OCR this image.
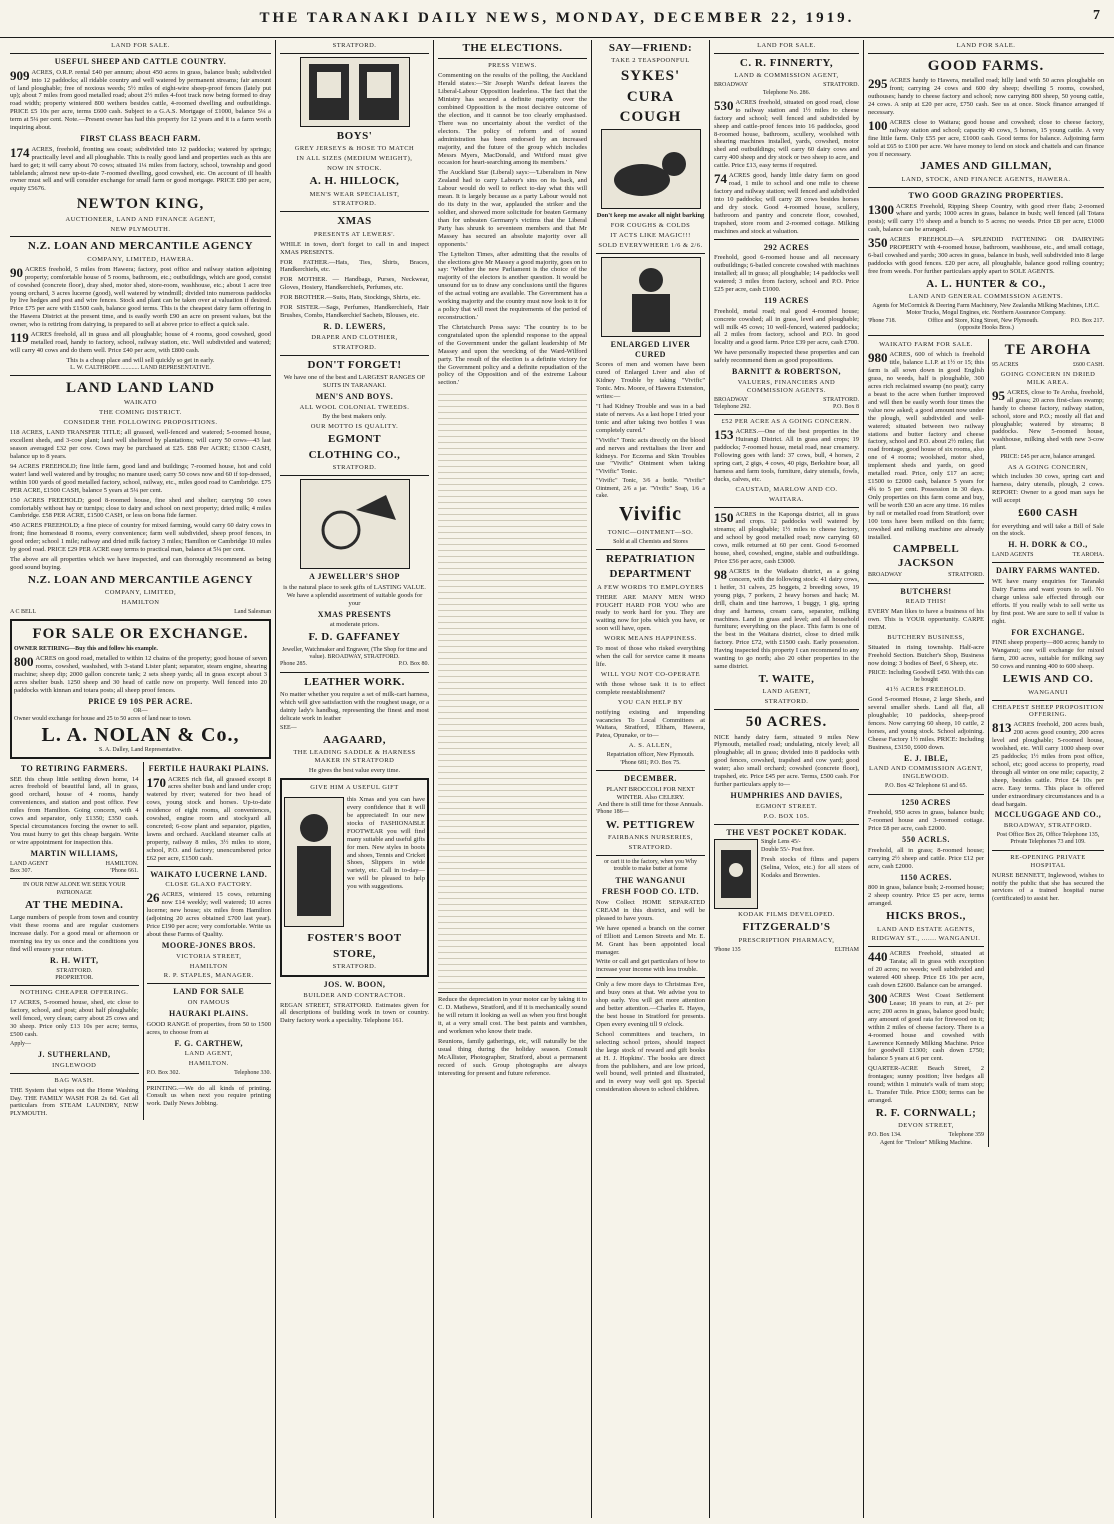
THE TARANAKI DAILY NEWS, MONDAY, DECEMBER 22, 1919.	7
LAND FOR SALE.
USEFUL SHEEP AND CATTLE COUNTRY.
909 ACRES, O.R.P. rental £40 per annum; about 450 acres in grass, balance bush; subdivided into 12 paddocks; all ridable country and well watered by permanent streams; fair amount of land ploughable; free of noxious weeds; 5½ miles of eight-wire sheep-proof fences (lately put up); about 7 miles from good metalled road; about 2½ miles 4-foot track now being formed to dray road width; property wintered 800 wethers besides cattle, 4-roomed dwelling and outbuildings. PRICE £5 10s per acre, terms £600 cash. Subject to a G.A.S. Mortgage of £1000, balance 5¼ a term at 5¼ per cent. Note.—Present owner has had this property for 12 years and it is a farm worth inquiring about.
FIRST CLASS BEACH FARM.
174 ACRES, freehold, fronting sea coast; subdivided into 12 paddocks; watered by springs; practically level and all ploughable. This is really good land and properties such as this are hard to get; it will carry about 70 cows; situated 1¼ miles from factory, school, township and good tablelands; almost new up-to-date 7-roomed dwelling, good cowshed, etc. On account of ill health owner must sell and will consider exchange for small farm or good mortgage. PRICE £80 per acre, equity £5676.
NEWTON KING,
AUCTIONEER, LAND AND FINANCE AGENT,
NEW PLYMOUTH.
N.Z. LOAN AND MERCANTILE AGENCY
COMPANY, LIMITED, HAWERA.
90 ACRES freehold, 5 miles from Hawera; factory, post office and railway station adjoining property; comfortable house of 5 rooms, bathroom, etc.; outbuildings, which are good, consist of cowshed (concrete floor), dray shed, motor shed, store-room, washhouse, etc.; about 1 acre tree young orchard, 3 acres lucerne (good), well watered by windmill; divided into numerous paddocks by live hedges and post and wire fences. Stock and plant can be taken over at valuation if desired. Price £75 per acre with £1500 cash, balance good terms. This is the cheapest dairy farm offering in the Hawera District at the present time, and is easily worth £90 an acre on present values, but the owner, who is retiring from dairying, is prepared to sell at above price to effect a quick sale.
119 ACRES freehold, all in grass and all ploughable; house of 4 rooms, good cowshed, good metalled road, handy to factory, school, railway station, etc. Well subdivided and watered; will carry 40 cows and do them well. Price £40 per acre, with £800 cash.
This is a cheap place and will sell quickly so get in early.
L. W. CALTHROPE ............ LAND REPRESENTATIVE.
LAND LAND LAND
WAIKATO
THE COMING DISTRICT.
CONSIDER THE FOLLOWING PROPOSITIONS.
118 ACRES, LAND TRANSFER TITLE; all grassed, well-fenced and watered; 5-roomed house, excellent sheds, and 3-cow plant; land well sheltered by plantations; will carry 50 cows—43 last season averaged £32 per cow. Cows may be purchased at £25. £88 Per ACRE; £1300 CASH, balance up to 8 years.
94 ACRES FREEHOLD; fine little farm, good land and buildings; 7-roomed house, hot and cold water! land well watered and by troughs; no manure used; carry 50 cows now and 60 if top-dressed, within 100 yards of good metalled factory, school, railway, etc., miles good road to Cambridge. £75 PER ACRE, £1500 CASH, balance 5 years at 5¼ per cent.
150 ACRES FREEHOLD; good 8-roomed house, fine shed and shelter; carrying 50 cows comfortably without hay or turnips; close to dairy and school on next property; dried milk; 4 miles Cambridge. £58 PER ACRE, £1500 CASH, or less on bona fide farmer.
450 ACRES FREEHOLD; a fine piece of country for mixed farming, would carry 60 dairy cows in front; fine homestead 8 rooms, every convenience; farm well subdivided, sheep proof fences, in good order; school 1 mile; railway and dried milk factory 3 miles; Hamilton or Cambridge 10 miles by good road. PRICE £29 PER ACRE easy terms to practical man, balance at 5¼ per cent.
The above are all properties which we have inspected, and can thoroughly recommend as being good sound buying.
N.Z. LOAN AND MERCANTILE AGENCY
COMPANY, LIMITED,
HAMILTON
A C BELL	Land Salesman
FOR SALE OR EXCHANGE.
OWNER RETIRING—Buy this and follow his example.
800 ACRES on good road, metalled to within 12 chains of the property; good house of seven rooms, cowshed, washshed, with 3-stand Lister plant; separator, steam engine, shearing machine; sheep dip; 2000 gallon concrete tank; 2 sets sheep yards; all in grass except about 3 acres shelter bush. 1250 sheep and 30 head of cattle now on property. Well fenced into 20 paddocks with kinnan and totara posts; all sheep proof fences.
PRICE £9 10S PER ACRE.
OR—
Owner would exchange for house and 25 to 50 acres of land near to town.
L. A. NOLAN & Co.,
S. A. Dalley, Land Representative.
TO RETIRING FARMERS.
SEE this cheap little settling down home, 14 acres freehold of beautiful land, all in grass, good orchard, house of 4 rooms, handy conveniences, and station and post office. Few miles from Hamilton. Going concern, with 4 cows and separator, only £1350; £350 cash. Special circumstances forcing the owner to sell. You must hurry to get this cheap bargain. Write or wire appointment for inspection this.
MARTIN WILLIAMS,
LAND AGENT	HAMILTON.
Box 307.	'Phone 661.
IN OUR NEW ALONE WE SEEK YOUR PATRONAGE
AT THE MEDINA.
Large numbers of people from town and country visit these rooms and are regular customers increase daily. For a good meal or afternoon or morning tea try us once and the conditions you find will ensure your return.
R. H. WITT,
STRATFORD.
PROPRIETOR.
NOTHING CHEAPER OFFERING.
17 ACRES, 5-roomed house, shed, etc close to factory, school, and post; about half ploughable; well fenced, very clean; carry about 25 cows and 30 sheep. Price only £13 10s per acre; terms, £500 cash.
Apply—
J. SUTHERLAND,
INGLEWOOD
BAG WASH.
THE System that wipes out the Home Washing Day. THE FAMILY WASH FOR 2s 6d. Get all particulars from STEAM LAUNDRY, NEW PLYMOUTH.
FERTILE HAURAKI PLAINS.
170 ACRES rich flat, all grassed except 8 acres shelter bush and land under crop; watered by river; watered for two head of cows, young stock and horses. Up-to-date residence of eight rooms, all conveniences, cowshed, engine room and stockyard all concreted; 6-cow plant and separator, pigsties, lawns and orchard. Auckland steamer calls at property, railway 8 miles, 3½ miles to store, school, P.O. and factory; unencumbered price £62 per acre, £1500 cash.
WAIKATO LUCERNE LAND.
CLOSE GLAXO FACTORY.
26 ACRES, wintered 15 cows, returning now £14 weekly; well watered; 10 acres lucerne; new house; six miles from Hamilton (adjoining 20 acres obtained £700 last year). Price £190 per acre; very comfortable. Write us about these Farms of Quality.
MOORE-JONES BROS.
VICTORIA STREET,
HAMILTON
R. P. STAPLES, MANAGER.
LAND FOR SALE
ON FAMOUS
HAURAKI PLAINS.
GOOD RANGE of properties, from 50 to 1500 acres, to choose from at
F. G. CARTHEW,
LAND AGENT,
HAMILTON.
P.O. Box 302.	Telephone 330.
PRINTING.—We do all kinds of printing. Consult us when next you require printing work. Daily News Jobbing.
STRATFORD.
BOYS'
GREY JERSEYS & HOSE TO MATCH
IN ALL SIZES (MEDIUM WEIGHT),
NOW IN STOCK.
A. H. HILLOCK,
MEN'S WEAR SPECIALIST,
STRATFORD.
XMAS
PRESENTS AT LEWERS'.
WHILE in town, don't forget to call in and inspect XMAS PRESENTS.
FOR FATHER.—Hats, Ties, Shirts, Braces, Handkerchiefs, etc.
FOR MOTHER. — Handbags, Purses, Neckwear, Gloves, Hosiery, Handkerchiefs, Perfumes, etc.
FOR BROTHER.—Suits, Hats, Stockings, Shirts, etc.
FOR SISTER.—Sags, Perfumes, Handkerchiefs, Hair Brushes, Combs, Handkerchief Sachets, Blouses, etc.
R. D. LEWERS,
DRAPER AND CLOTHIER,
STRATFORD.
DON'T FORGET!
We have one of the best and LARGEST RANGES OF SUITS IN TARANAKI.
MEN'S AND BOYS.
ALL WOOL COLONIAL TWEEDS.
By the best makers only.
OUR MOTTO IS QUALITY.
EGMONT
CLOTHING CO.,
STRATFORD.
A JEWELLER'S SHOP
is the natural place to seek gifts of LASTING VALUE. We have a splendid assortment of suitable goods for your
XMAS PRESENTS
at moderate prices.
F. D. GAFFANEY
Jeweller, Watchmaker and Engraver, (The Shop for time and value). BROADWAY, STRATFORD.
Phone 285.	P.O. Box 80.
LEATHER WORK.
No matter whether you require a set of milk-cart harness, which will give satisfaction with the roughest usage, or a dainty lady's handbag, representing the finest and most delicate work in leather
SEE—
AAGAARD,
THE LEADING SADDLE & HARNESS MAKER IN STRATFORD
He gives the best value every time.
GIVE HIM A USEFUL GIFT
this Xmas and you can have every confidence that it will be appreciated! In our new stocks of FASHIONABLE FOOTWEAR you will find many suitable and useful gifts for men. New styles in boots and shoes, Tennis and Cricket Shoes, Slippers in wide variety, etc. Call in to-day—we will be pleased to help you with suggestions.
FOSTER'S BOOT
STORE,
STRATFORD.
JOS. W. BOON,
BUILDER AND CONTRACTOR.
REGAN STREET, STRATFORD. Estimates given for all descriptions of building work in town or country. Dairy factory work a speciality. Telephone 161.
THE ELECTIONS.
PRESS VIEWS.
Commenting on the results of the polling, the Auckland Herald states:—'Sir Joseph Ward's defeat leaves the Liberal-Labour Opposition leaderless. The fact that the Ministry has secured a definite majority over the combined Opposition is the most decisive outcome of the election, and it cannot be too clearly emphasised. There was no uncertainty about the verdict of the electors. The policy of reform and of sound administration has been endorsed by an increased majority, and the future of the group which includes Messrs Myers, MacDonald, and Witford must give occasion for heart-searching among its members.'
The Auckland Star (Liberal) says:—'Liberalism in New Zealand had to carry Labour's sins on its back, and Labour would do well to reflect to-day what this will mean. It is largely because as a party Labour would not do its duty in the war, applauded the striker and the soldier, and showed more solicitude for beaten Germany than for unbeaten Germany's victims that the Liberal Party has shrunk to seventeen members and that Mr Massey has secured an absolute majority over all opponents.'
The Lyttelton Times, after admitting that the results of the elections give Mr Massey a good majority, goes on to say: 'Whether the new Parliament is the choice of the majority of the electors is another question. It would be unsound for us to draw any conclusions until the figures of the actual voting are available. The Government has a working majority and the country must now look to it for a policy that will meet the requirements of the period of reconstruction.'
The Christchurch Press says: 'The country is to be congratulated upon the splendid response to the appeal of the Government under the gallant leadership of Mr Massey and upon the wrecking of the Ward-Wilford party. The result of the election is a definite victory for the Government policy and a definite repudiation of the policy of the Opposition and of the extreme Labour section.'
Reduce the depreciation in your motor car by taking it to C. D. Mathews, Stratford, and if it is mechanically sound he will return it looking as well as when you first bought it, at a very small cost. The best paints and varnishes, and workmen who know their trade.
Reunions, family gatherings, etc, will naturally be the usual thing during the holiday season. Consult McAllister, Photographer, Stratford, about a permanent record of such. Group photographs are always interesting for present and future reference.
SAY—FRIEND:
TAKE 2 TEASPOONFUL
SYKES'
CURA
COUGH
Don't keep me awake all night barking
FOR COUGHS & COLDS
IT ACTS LIKE MAGIC!!!
SOLD EVERYWHERE 1/6 & 2/6.
ENLARGED LIVER CURED
Scores of men and women have been cured of Enlarged Liver and also of Kidney Trouble by taking "Vivific" Tonic. Mrs. Moore, of Hawera Extension, writes:—
"I had Kidney Trouble and was in a bad state of nerves. As a last hope I tried your tonic and after taking two bottles I was completely cured."
"Vivific" Tonic acts directly on the blood and nerves and revitalises the liver and kidneys. For Eczema and Skin Troubles use "Vivific" Ointment when taking "Vivific" Tonic.
"Vivific" Tonic, 3/6 a bottle. "Vivific" Ointment, 2/6 a jar. "Vivific" Soap, 1/6 a cake.
Vivific
TONIC—OINTMENT—SO.
Sold at all Chemists and Stores
REPATRIATION
DEPARTMENT
A FEW WORDS TO EMPLOYERS
THERE ARE MANY MEN WHO FOUGHT HARD FOR YOU who are ready to work hard for you. They are waiting now for jobs which you have, or soon will have, open.
WORK MEANS HAPPINESS.
To most of those who risked everything when the call for service came it means life.
WILL YOU NOT CO-OPERATE
with those whose task it is to effect complete reestablishment?
YOU CAN HELP BY
notifying existing and impending vacancies To Local Committees at Waitara, Stratford, Eltham, Hawera, Patea, Opunake, or to—
A. S. ALLEN,
Repatriation officer, New Plymouth.
'Phone 681; P.O. Box 75.
DECEMBER.
PLANT BROCCOLI FOR NEXT WINTER. Also CELERY.
And there is still time for those Annuals.
'Phone 186—
W. PETTIGREW
FAIRBANKS NURSERIES,
STRATFORD.
or cart it to the factory, when you Why trouble to make butter at home
THE WANGANUI
FRESH FOOD CO. LTD.
Now Collect HOME SEPARATED CREAM in this district, and will be pleased to have yours.
We have opened a branch on the corner of Elliott and Lemon Streets and Mr. E. M. Grant has been appointed local manager.
Write or call and get particulars of how to increase your income with less trouble.
Only a few more days to Christmas Eve, and busy ones at that. We advise you to shop early. You will get more attention and better attention.—Charles E. Hayes, the best house in Stratford for presents. Open every evening till 9 o'clock.
School committees and teachers, in selecting school prizes, should inspect the large stock of reward and gift books at H. J. Hopkins'. The books are direct from the publishers, and are low priced, well bound, well printed and illustrated, and in every way well got up. Special consideration shown to school children.
LAND FOR SALE.
C. R. FINNERTY,
LAND & COMMISSION AGENT,
BROADWAY	STRATFORD.
Telephone No. 286.
530 ACRES freehold, situated on good road, close to railway station and 1½ miles to cheese factory and school; well fenced and subdivided by sheep and cattle-proof fences into 16 paddocks, good 8-roomed house, bathroom, scullery, woolshed with shearing machines installed, yards, cowshed, motor shed and outbuildings; will carry 60 dairy cows and carry 400 sheep and dry stock or two sheep to acre, and cattle. Price £13, easy terms if required.
74 ACRES good, handy little dairy farm on good road, 1 mile to school and one mile to cheese factory and railway station; well fenced and subdivided into 10 paddocks; will carry 28 cows besides horses and dry stock. Good 4-roomed house, scullery, bathroom and pantry and concrete floor, cowshed, trapshed, store room and 2-roomed cottage. Milking machines and stock at valuation.
292 ACRES
Freehold, good 6-roomed house and all necessary outbuildings; 6-bailed concrete cowshed with machines installed; all in grass; all ploughable; 14 paddocks well watered; 3 miles from factory, school and P.O. Price £25 per acre, cash £1000.
119 ACRES
Freehold, metal road; real good 4-roomed house; concrete cowshed; all in grass, level and ploughable; will milk 45 cows; 10 well-fenced, watered paddocks; all 2 miles from factory, school and P.O. In good locality and a good farm. Price £39 per acre, cash £700.
We have personally inspected these properties and can safely recommend them as good propositions.
BARNITT & ROBERTSON,
VALUERS, FINANCIERS AND COMMISSION AGENTS.
BROADWAY	STRATFORD.
Telephone 292.	P.O. Box 8
£52 PER ACRE AS A GOING CONCERN.
153 ACRES.—One of the best properties in the Huirangi District. All in grass and crops; 19 paddocks; 7-roomed house, metal road, near creamery. Following goes with land: 37 cows, bull, 4 horses, 2 spring cart, 2 gigs, 4 cows, 40 pigs, Berkshire boar, all harness and farm tools, furniture, dairy utensils, fowls, ducks, calves, etc.
CAUSTAD, MARLOW AND CO.
WAITARA.
150 ACRES in the Kaponga district, all in grass and crops. 12 paddocks well watered by streams; all ploughable; 1½ miles to cheese factory, and school by good metalled road; now carrying 60 cows, milk returned at 60 per cent. Good 6-roomed house, shed, cowshed, engine, stable and outbuildings. Price £56 per acre, cash £3000.
98 ACRES in the Waikato district, as a going concern, with the following stock: 41 dairy cows, 1 heifer, 31 calves, 25 hoggets, 2 breeding sows, 19 young pigs, 7 porkers, 2 heavy horses and hack; M. drill, chain and tine harrows, 1 buggy, 1 gig, spring dray and harness, cream cans, separator, milking machines. Land in grass and level; and all household furniture; everything on the place. This farm is one of the best in the Waitara district, close to dried milk factory. Price £72, with £1500 cash. Early possession. Having inspected this property I can recommend to any wanting to go north; also 20 other properties in the same district.
T. WAITE,
LAND AGENT,
STRATFORD.
50 ACRES.
NICE handy dairy farm, situated 9 miles New Plymouth, metalled road; undulating, nicely level; all ploughable; all in grass; divided into 8 paddocks with good fences, cowshed, trapshed and cow yard; good water; also small orchard; cowshed (concrete floor), trapshed, etc. Price £45 per acre. Terms, £500 cash. For further particulars apply to—
HUMPHRIES AND DAVIES,
EGMONT STREET.
P.O. BOX 105.
THE VEST POCKET KODAK.
Single Lens 45/-
Double 55/- Post free.
Fresh stocks of films and papers (Selina, Velox, etc.) for all sizes of Kodaks and Brownies.
KODAK FILMS DEVELOPED.
FITZGERALD'S
PRESCRIPTION PHARMACY,
'Phone 135	ELTHAM
LAND FOR SALE.
GOOD FARMS.
295 ACRES handy to Hawera, metalled road; hilly land with 50 acres ploughable on front; carrying 24 cows and 600 dry sheep; dwelling 5 rooms, cowshed, outhouses; handy to cheese factory and school; now carrying 800 sheep, 50 young cattle, 24 cows. A snip at £20 per acre, £750 cash. See us at once. Stock finance arranged if necessary.
100 ACRES close to Waitara; good house and cowshed; close to cheese factory, railway station and school; capacity 40 cows, 5 horses, 15 young cattle. A very fine little farm. Only £55 per acre, £1000 cash. Good terms for balance. Adjoining farm sold at £65 to £100 per acre. We have money to lend on stock and chattels and can finance you if necessary.
JAMES AND GILLMAN,
LAND, STOCK, AND FINANCE AGENTS, HAWERA.
TWO GOOD GRAZING PROPERTIES.
1300 ACRES Freehold, Ripping Sheep Country, with good river flats; 2-roomed whare and yards; 1000 acres in grass, balance in bush; well fenced (all Totara posts); will carry 1½ sheep and a bunch to 5 acres; no weeds. Price £8 per acre, £1000 cash, balance can be arranged.
350 ACRES FREEHOLD—A SPLENDID FATTENING OR DAIRYING PROPERTY with 4-roomed house, bathroom, washhouse, etc., and small cottage, 6-bail cowshed and yards; 300 acres in grass, balance in bush, well subdivided into 8 large paddocks with good fences. £20 per acre, all ploughable, balance good rolling country; free from weeds. For further particulars apply apart to SOLE AGENTS.
A. L. HUNTER & CO.,
LAND AND GENERAL COMMISSION AGENTS.
Agents for McCormick & Deering Farm Machinery, New Zealandia Milking Machines, I.H.C. Motor Trucks, Mogul Engines, etc. Northern Assurance Company.
'Phone 718.	Office and Store, King Street, New Plymouth.	P.O. Box 217.
(opposite Hooks Bros.)
WAIKATO FARM FOR SALE.
980 ACRES, 600 of which is freehold title, balance L.I.P. at 1½ or 15; this farm is all sown down in good English grass, no weeds, half is ploughable, 300 acres rich reclaimed swamp (no peat); carry a beast to the acre when further improved and will then be easily worth four times the value now asked; a good amount now under the plough, well subdivided and well-watered; situated between two railway stations and butter factory and cheese factory, school and P.O. about 2½ miles; flat road frontage, good house of six rooms, also one of 4 rooms; woolshed, motor shed, implement sheds and yards, on good metalled road. Price, only £17 an acre; £1500 to £2000 cash, balance 5 years for 4¾ to 5 per cent. Possession in 30 days. Only properties on this farm come and buy, will be worth £30 an acre any time. 16 miles by rail or metalled road from Stratford; over 100 tons have been milked on this farm; cowshed and milking machine are already installed.
CAMPBELL JACKSON
BROADWAY	STRATFORD.
BUTCHERS!
READ THIS!
EVERY Man likes to have a business of his own. This is YOUR opportunity. CARPE DIEM.
BUTCHERY BUSINESS,
Situated in rising township. Half-acre Freehold Section. Butcher's Shop, Business now doing: 3 bodies of Beef, 6 Sheep, etc.
PRICE: Including Goodwill £450. With this can be bought
41½ ACRES FREEHOLD.
Good 5-roomed House, 2 large Sheds, and several smaller sheds. Land all flat, all ploughable; 10 paddocks, sheep-proof fences. Now carrying 60 sheep, 10 cattle, 2 horses, and young stock. School adjoining. Cheese Factory 1½ miles. PRICE: Including Business, £3150, £600 down.
E. J. IBLE,
LAND AND COMMISSION AGENT, INGLEWOOD.
P.O. Box 42 Telephone 61 and 65.
1250 ACRES
Freehold, 950 acres in grass, balance bush; 7-roomed house and 3-roomed cottage. Price £8 per acre, cash £2000.
550 ACRLS.
Freehold, all in grass; 8-roomed house; carrying 2½ sheep and cattle. Price £12 per acre, cash £2000.
1150 ACRES.
800 in grass, balance bush; 2-roomed house; 2 sheep country. Price £5 per acre, terms arranged.
HICKS BROS.,
LAND AND ESTATE AGENTS,
RIDGWAY ST., ....... WANGANUI.
440 ACRES Freehold, situated at Tarata; all in grass with exception of 20 acres; no weeds; well subdivided and watered 400 sheep. Price £6 10s per acre, cash down £2600. Balance can be arranged.
300 ACRES West Coast Settlement Lease; 18 years to run, at 2/- per acre; 200 acres in grass, balance good bush; any amount of good rata for firewood on it; within 2 miles of cheese factory. There is a 4-roomed house and cowshed with Lawrence Kennedy Milking Machine. Price for goodwill £1300; cash down £750; balance 5 years at 6 per cent.
QUARTER-ACRE Beach Street, 2 frontages; sunny position; live hedges all round; within 1 minute's walk of tram stop; L. Transfer Title. Price £300; terms can be arranged.
R. F. CORNWALL;
DEVON STREET,
P.O. Box 134.	Telephone 359
Agent for "Trelour" Milking Machine.
TE AROHA
95 ACRES	£600 CASH.
GOING CONCERN IN DRIED MILK AREA.
95 ACRES, close to Te Aroha, freehold, all grass; 20 acres first-class swamp; handy to cheese factory, railway station, school, store and P.O.; mostly all flat and ploughable; watered by streams; 8 paddocks. New 5-roomed house, washhouse, milking shed with new 3-cow plant.
PRICE: £45 per acre, balance arranged.
AS A GOING CONCERN,
which includes 30 cows, spring cart and harness, dairy utensils, plough, 2 cows. REPORT: Owner to a good man says he will accept
£600 CASH
for everything and will take a Bill of Sale on the stock.
H. H. DORK & CO.,
LAND AGENTS	TE AROHA.
DAIRY FARMS WANTED.
WE have many enquiries for Taranaki Dairy Farms and want yours to sell. No charge unless sale effected through our efforts. If you really wish to sell write us by first post. We are sure to sell if value is right.
FOR EXCHANGE.
FINE sheep property—800 acres; handy to Wanganui; one will exchange for mixed farm, 200 acres, suitable for milking say 50 cows and running 400 to 600 sheep.
LEWIS AND CO.
WANGANUI
CHEAPEST SHEEP PROPOSITION OFFERING.
813 ACRES freehold, 200 acres bush, 200 acres good country, 200 acres level and ploughable; 5-roomed house, woolshed, etc. Will carry 1000 sheep over 25 paddocks; 1½ miles from post office, school, etc; good access to property, road through all winter on one mile; capacity, 2 sheep, besides cattle. Price £4 10s per acre. Easy terms. This place is offered under extraordinary circumstances and is a dead bargain.
MCCLUGGAGE AND CO.,
BROADWAY, STRATFORD.
Post Office Box 26, Office Telephone 135, Private Telephones 73 and 109.
RE-OPENING PRIVATE HOSPITAL
NURSE BENNETT, Inglewood, wishes to notify the public that she has secured the services of a trained hospital nurse (certificated) to assist her.
